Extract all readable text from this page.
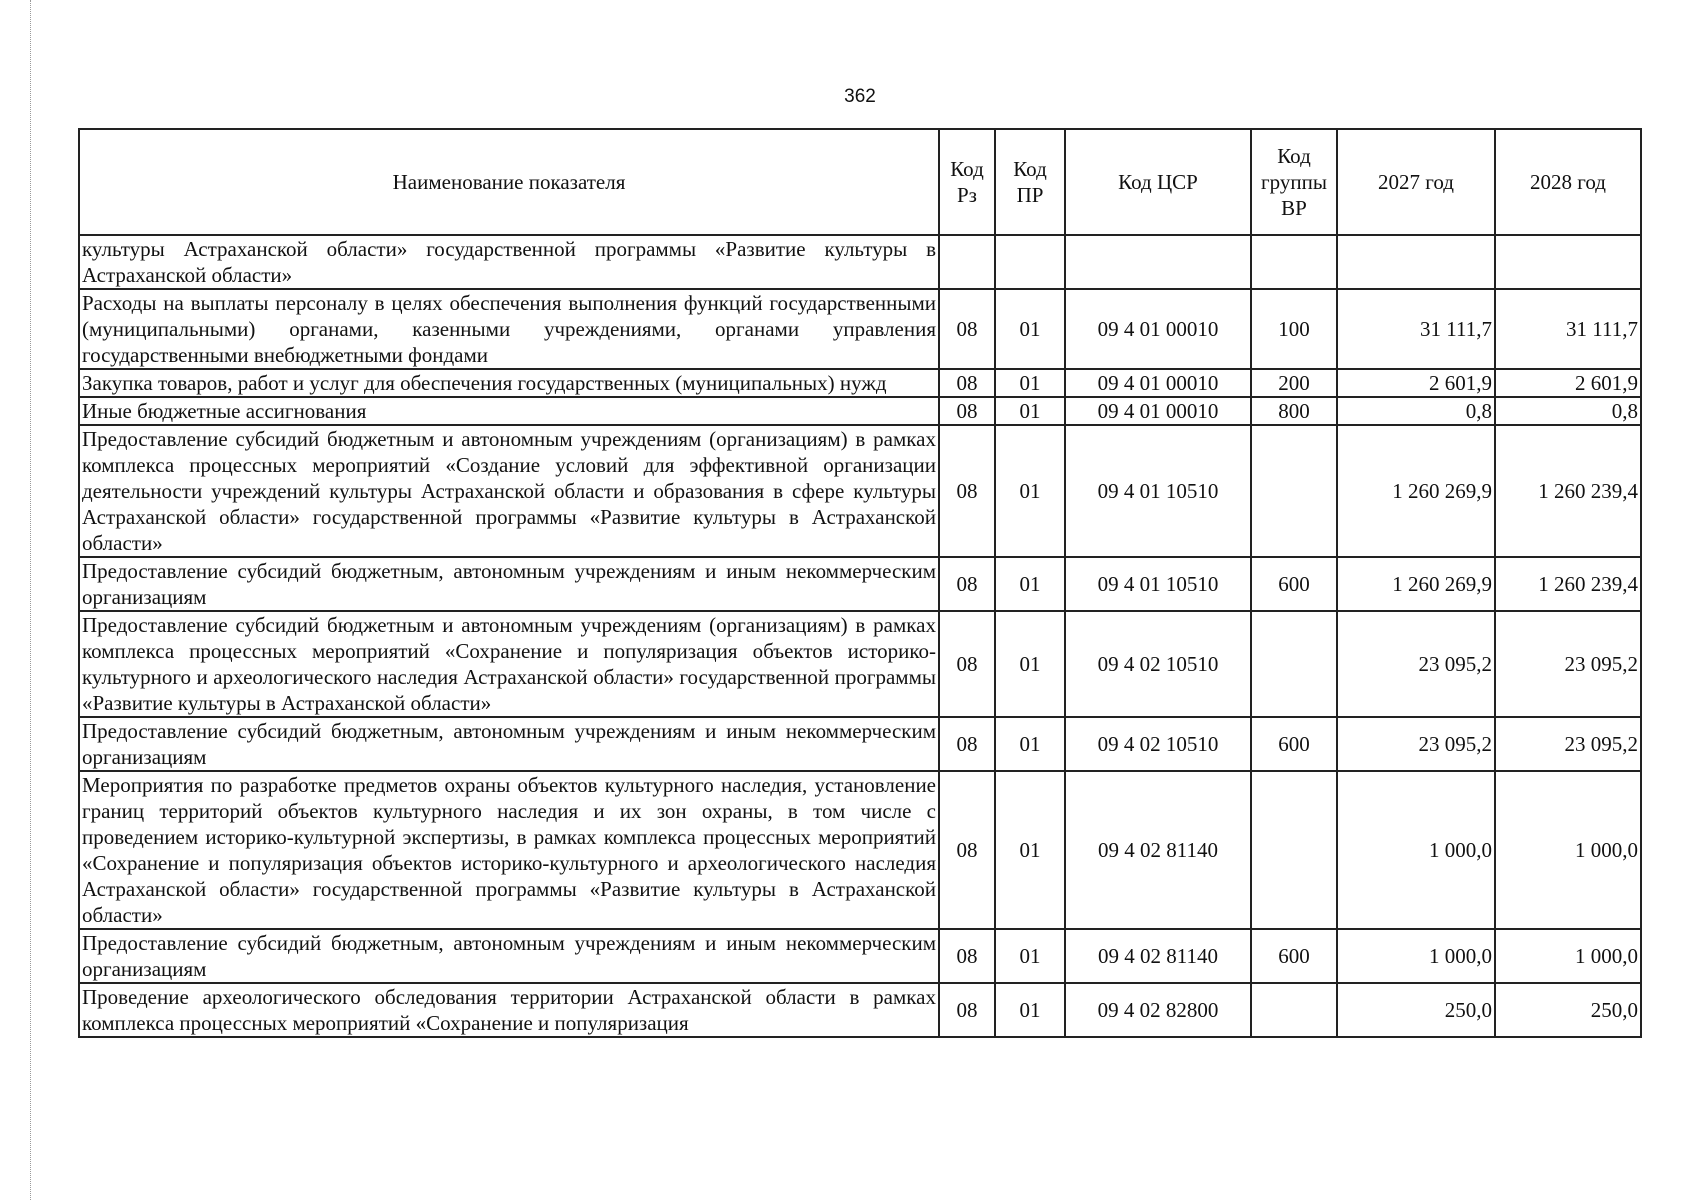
362
Наименование показателя	Код Рз	Код ПР	Код ЦСР	Код группы ВР	2027 год	2028 год
культуры Астраханской области» государственной программы «Развитие культуры в Астраханской области»						
Расходы на выплаты персоналу в целях обеспечения выполнения функций государственными (муниципальными) органами, казенными учреждениями, органами управления государственными внебюджетными фондами	08	01	09 4 01 00010	100	31 111,7	31 111,7
Закупка товаров, работ и услуг для обеспечения государственных (муниципальных) нужд	08	01	09 4 01 00010	200	2 601,9	2 601,9
Иные бюджетные ассигнования	08	01	09 4 01 00010	800	0,8	0,8
Предоставление субсидий бюджетным и автономным учреждениям (организациям) в рамках комплекса процессных мероприятий «Создание условий для эффективной организации деятельности учреждений культуры Астраханской области и образования в сфере культуры Астраханской области» государственной программы «Развитие культуры в Астраханской области»	08	01	09 4 01 10510		1 260 269,9	1 260 239,4
Предоставление субсидий бюджетным, автономным учреждениям и иным некоммерческим организациям	08	01	09 4 01 10510	600	1 260 269,9	1 260 239,4
Предоставление субсидий бюджетным и автономным учреждениям (организациям) в рамках комплекса процессных мероприятий «Сохранение и популяризация объектов историко-культурного и археологического наследия Астраханской области» государственной программы «Развитие культуры в Астраханской области»	08	01	09 4 02 10510		23 095,2	23 095,2
Предоставление субсидий бюджетным, автономным учреждениям и иным некоммерческим организациям	08	01	09 4 02 10510	600	23 095,2	23 095,2
Мероприятия по разработке предметов охраны объектов культурного наследия, установление границ территорий объектов культурного наследия и их зон охраны, в том числе с проведением историко-культурной экспертизы, в рамках комплекса процессных мероприятий «Сохранение и популяризация объектов историко-культурного и археологического наследия Астраханской области» государственной программы «Развитие культуры в Астраханской области»	08	01	09 4 02 81140		1 000,0	1 000,0
Предоставление субсидий бюджетным, автономным учреждениям и иным некоммерческим организациям	08	01	09 4 02 81140	600	1 000,0	1 000,0
Проведение археологического обследования территории Астраханской области в рамках комплекса процессных мероприятий «Сохранение и популяризация	08	01	09 4 02 82800		250,0	250,0
